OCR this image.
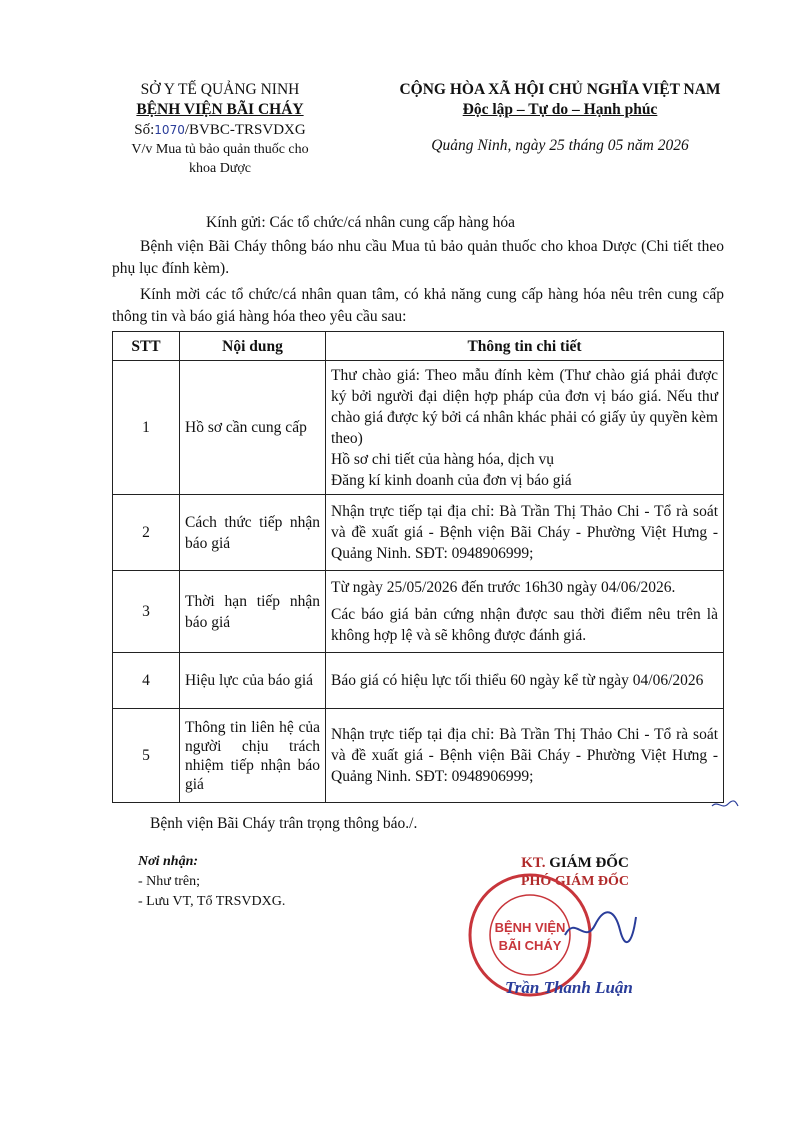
SỞ Y TẾ QUẢNG NINH
BỆNH VIỆN BÃI CHÁY
Số:1070/BVBC-TRSVDXG
V/v Mua tủ bảo quản thuốc cho
khoa Dược
CỘNG HÒA XÃ HỘI CHỦ NGHĨA VIỆT NAM
Độc lập – Tự do – Hạnh phúc
Quảng Ninh, ngày 25 tháng 05 năm 2026
Kính gửi: Các tổ chức/cá nhân cung cấp hàng hóa
Bệnh viện Bãi Cháy thông báo nhu cầu Mua tủ bảo quản thuốc cho khoa Dược (Chi tiết theo phụ lục đính kèm).
Kính mời các tổ chức/cá nhân quan tâm, có khả năng cung cấp hàng hóa nêu trên cung cấp thông tin và báo giá hàng hóa theo yêu cầu sau:
STT	Nội dung	Thông tin chi tiết
1	Hồ sơ cần cung cấp	Thư chào giá: Theo mẫu đính kèm (Thư chào giá phải được ký bởi người đại diện hợp pháp của đơn vị báo giá. Nếu thư chào giá được ký bởi cá nhân khác phải có giấy ủy quyền kèm theo)
Hồ sơ chi tiết của hàng hóa, dịch vụ
Đăng kí kinh doanh của đơn vị báo giá

2	Cách thức tiếp nhận báo giá	Nhận trực tiếp tại địa chỉ: Bà Trần Thị Thảo Chi - Tổ rà soát và đề xuất giá - Bệnh viện Bãi Cháy - Phường Việt Hưng - Quảng Ninh. SĐT: 0948906999;

3	Thời hạn tiếp nhận báo giá	Từ ngày 25/05/2026 đến trước 16h30 ngày 04/06/2026.
Các báo giá bản cứng nhận được sau thời điểm nêu trên là không hợp lệ và sẽ không được đánh giá.

4	Hiệu lực của báo giá	Báo giá có hiệu lực tối thiểu 60 ngày kể từ ngày 04/06/2026

5	Thông tin liên hệ của người chịu trách nhiệm tiếp nhận báo giá	Nhận trực tiếp tại địa chỉ: Bà Trần Thị Thảo Chi - Tổ rà soát và đề xuất giá - Bệnh viện Bãi Cháy - Phường Việt Hưng - Quảng Ninh. SĐT: 0948906999;
Bệnh viện Bãi Cháy trân trọng thông báo./.
Nơi nhận:
- Như trên;
- Lưu VT, Tổ TRSVDXG.
KT. GIÁM ĐỐC
PHÓ GIÁM ĐỐC
BỆNH VIỆN
BÃI CHÁY
Trần Thanh Luận
